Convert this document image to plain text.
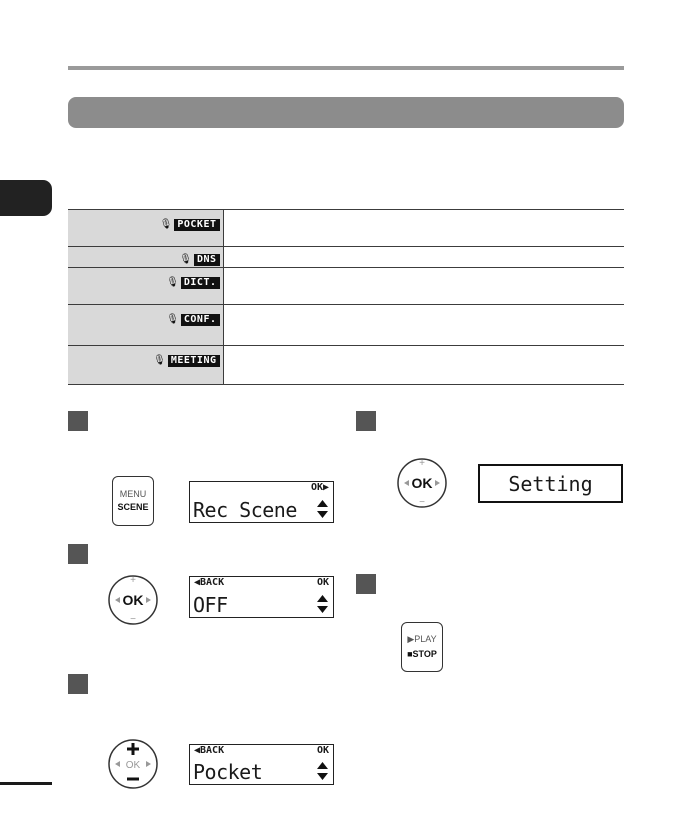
🎙 POCKET	

🎙 DNS	

🎙 DICT.	

🎙 CONF.	

🎙 MEETING	

MENU
SCENE
OK▶
Rec Scene
+
−
OK
◀BACK	OK
OFF
OK
◀BACK	OK
Pocket
+
−
OK	Setting
▶PLAY
■STOP
